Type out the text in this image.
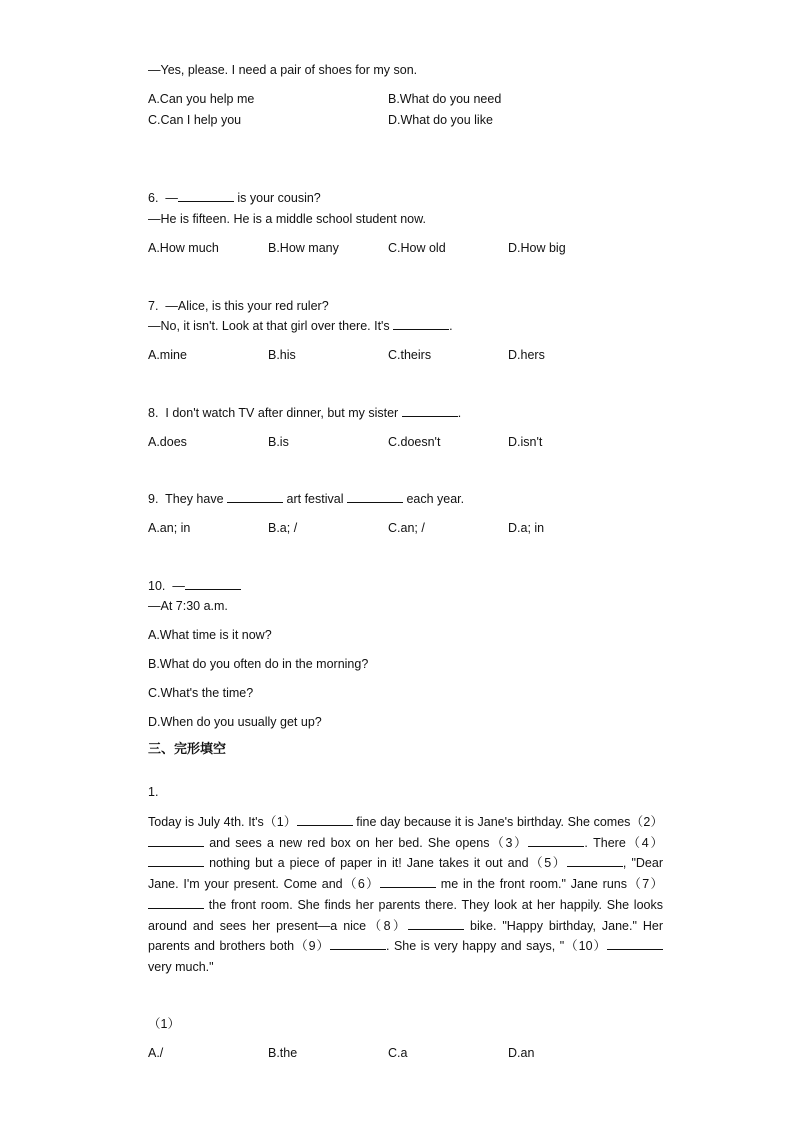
—Yes, please. I need a pair of shoes for my son.
A.Can you help me	B.What do you need
C.Can I help you	D.What do you like
6. —	is your cousin?
—He is fifteen. He is a middle school student now.
A.How much	B.How many	C.How old	D.How big
7. —Alice, is this your red ruler?
—No, it isn't. Look at that girl over there. It's	.
A.mine	B.his	C.theirs	D.hers
8. I don't watch TV after dinner, but my sister	.
A.does	B.is	C.doesn't	D.isn't
9. They have	art festival	each year.
A.an; in	B.a; /	C.an; /	D.a; in
10. —
—At 7:30 a.m.
A.What time is it now?
B.What do you often do in the morning?
C.What's the time?
D.When do you usually get up?
三、完形填空
1.
Today is July 4th. It's（1）	fine day because it is Jane's birthday. She comes（2） and sees a new red box on her bed. She opens（3）	. There（4） nothing but a piece of paper in it! Jane takes it out and（5）	, "Dear Jane. I'm your present. Come and（6）	me in the front room." Jane runs（7） the front room. She finds her parents there. They look at her happily. She looks around and sees her present—a nice（8）	bike. "Happy birthday, Jane." Her parents and brothers both（9）	. She is very happy and says, "（10） very much."
（1）
A./	B.the	C.a	D.an
